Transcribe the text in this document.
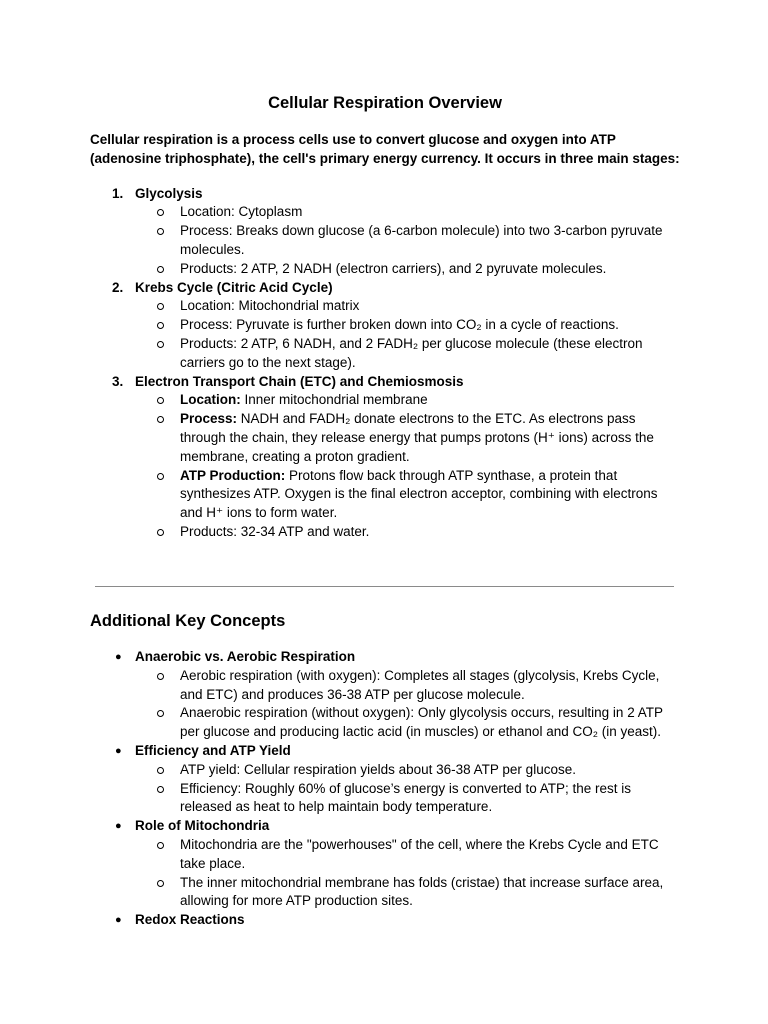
Cellular Respiration Overview
Cellular respiration is a process cells use to convert glucose and oxygen into ATP (adenosine triphosphate), the cell's primary energy currency. It occurs in three main stages:
1. Glycolysis
Location: Cytoplasm
Process: Breaks down glucose (a 6-carbon molecule) into two 3-carbon pyruvate molecules.
Products: 2 ATP, 2 NADH (electron carriers), and 2 pyruvate molecules.
2. Krebs Cycle (Citric Acid Cycle)
Location: Mitochondrial matrix
Process: Pyruvate is further broken down into CO₂ in a cycle of reactions.
Products: 2 ATP, 6 NADH, and 2 FADH₂ per glucose molecule (these electron carriers go to the next stage).
3. Electron Transport Chain (ETC) and Chemiosmosis
Location: Inner mitochondrial membrane
Process: NADH and FADH₂ donate electrons to the ETC. As electrons pass through the chain, they release energy that pumps protons (H⁺ ions) across the membrane, creating a proton gradient.
ATP Production: Protons flow back through ATP synthase, a protein that synthesizes ATP. Oxygen is the final electron acceptor, combining with electrons and H⁺ ions to form water.
Products: 32-34 ATP and water.
Additional Key Concepts
● Anaerobic vs. Aerobic Respiration
Aerobic respiration (with oxygen): Completes all stages (glycolysis, Krebs Cycle, and ETC) and produces 36-38 ATP per glucose molecule.
Anaerobic respiration (without oxygen): Only glycolysis occurs, resulting in 2 ATP per glucose and producing lactic acid (in muscles) or ethanol and CO₂ (in yeast).
● Efficiency and ATP Yield
ATP yield: Cellular respiration yields about 36-38 ATP per glucose.
Efficiency: Roughly 60% of glucose’s energy is converted to ATP; the rest is released as heat to help maintain body temperature.
● Role of Mitochondria
Mitochondria are the "powerhouses" of the cell, where the Krebs Cycle and ETC take place.
The inner mitochondrial membrane has folds (cristae) that increase surface area, allowing for more ATP production sites.
● Redox Reactions
